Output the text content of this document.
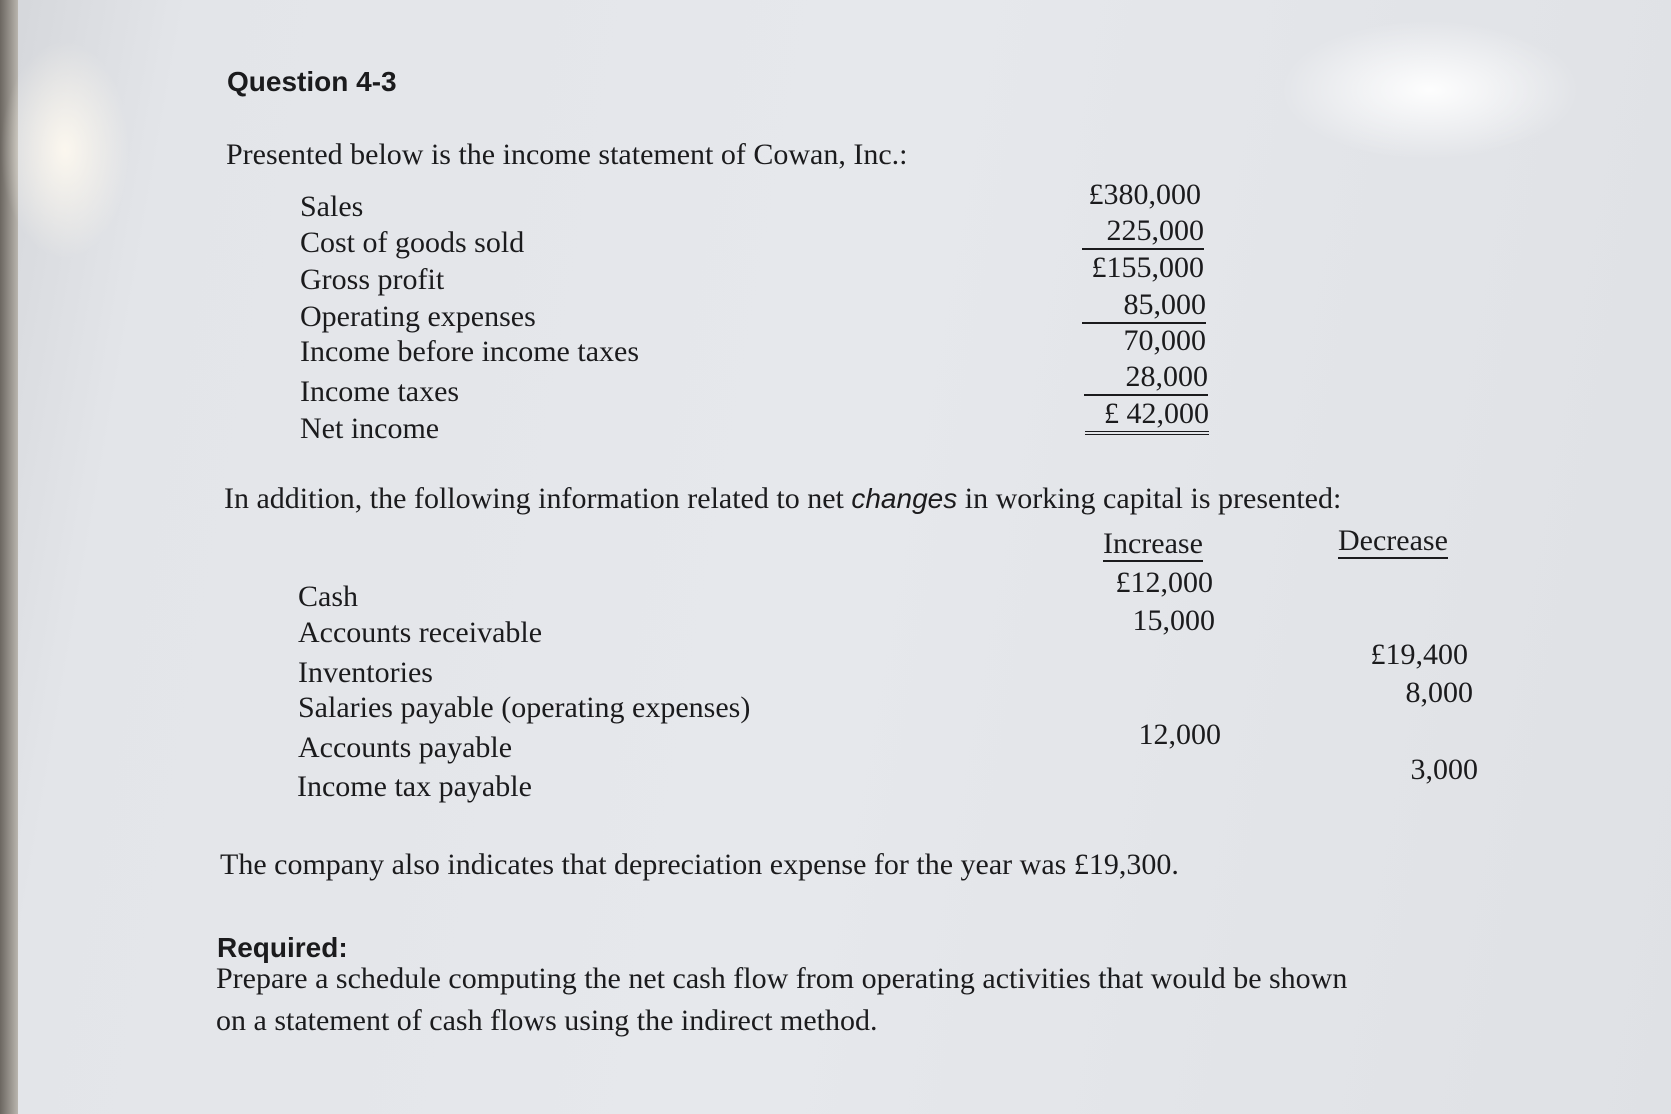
Question 4-3
Presented below is the income statement of Cowan, Inc.:
Sales
Cost of goods sold
Gross profit
Operating expenses
Income before income taxes
Income taxes
Net income
£380,000
225,000
£155,000
85,000
70,000
28,000
£ 42,000
In addition, the following information related to net changes in working capital is presented:
Increase	Decrease
Cash
Accounts receivable
Inventories
Salaries payable (operating expenses)
Accounts payable
Income tax payable
£12,000
15,000
£19,400
8,000
12,000
3,000
The company also indicates that depreciation expense for the year was £19,300.
Required:
Prepare a schedule computing the net cash flow from operating activities that would be shown
on a statement of cash flows using the indirect method.
